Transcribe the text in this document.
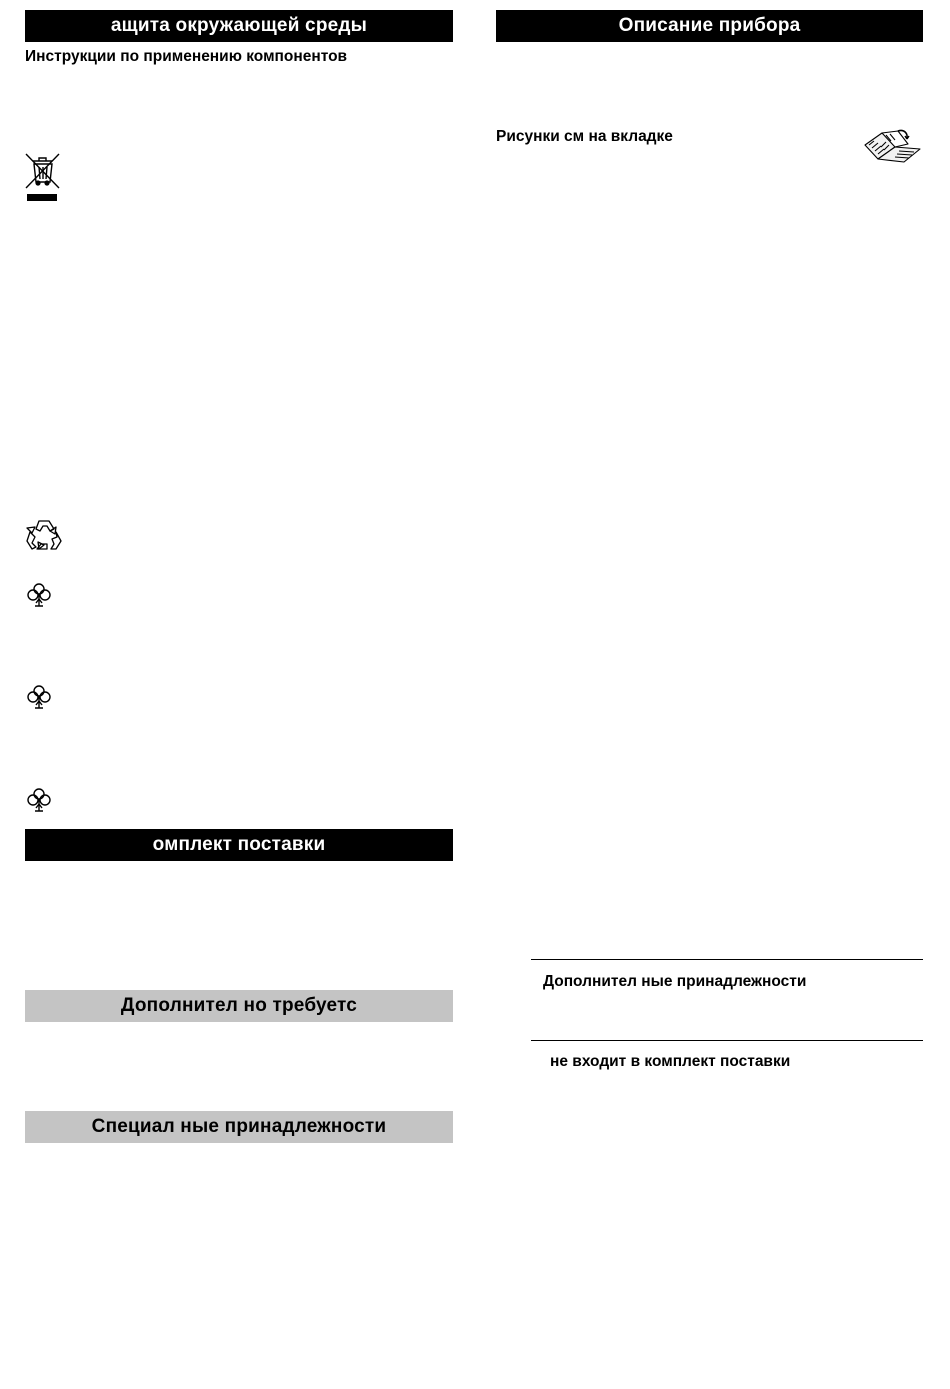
ащита окружающей среды
Инструкции по применению компонентов
омплект поставки
Дополнител но требуетс
Специал ные принадлежности
Описание прибора
Рисунки см на вкладке
Дополнител ные принадлежности
не входит в комплект поставки
